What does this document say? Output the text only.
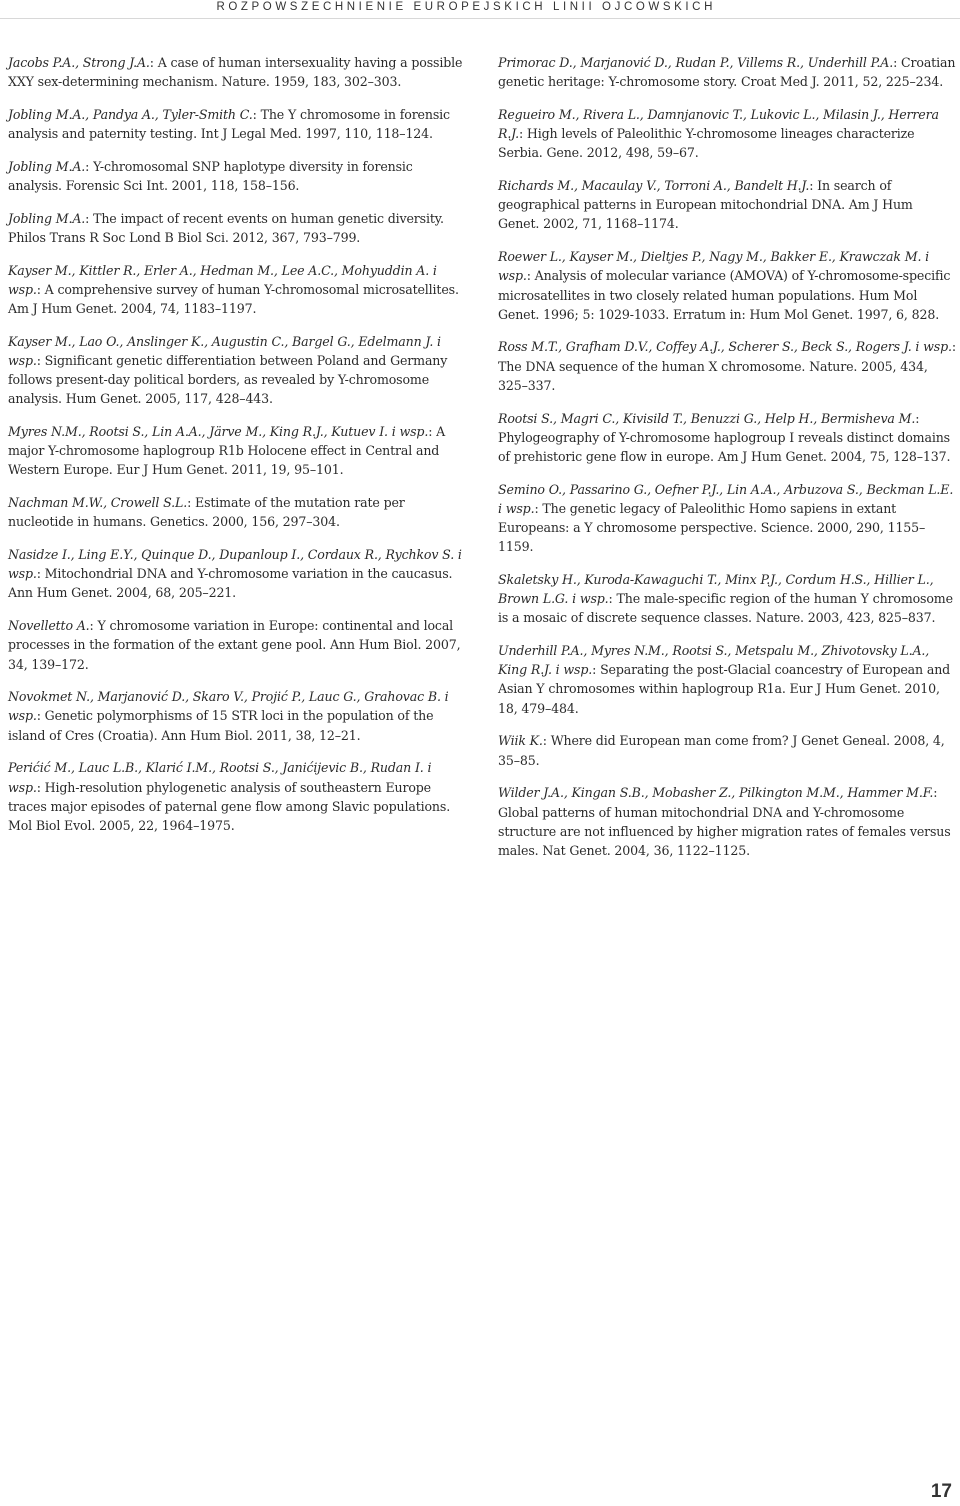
ROZPOWSZECHNIENIE EUROPEJSKICH LINII OJCOWSKICH

Jacobs P.A., Strong J.A.: A case of human intersexuality having a possible XXY sex-determining mechanism. Nature. 1959, 183, 302–303.

Jobling M.A., Pandya A., Tyler-Smith C.: The Y chromosome in forensic analysis and paternity testing. Int J Legal Med. 1997, 110, 118–124.

Jobling M.A.: Y-chromosomal SNP haplotype diversity in forensic analysis. Forensic Sci Int. 2001, 118, 158–156.

Jobling M.A.: The impact of recent events on human genetic diversity. Philos Trans R Soc Lond B Biol Sci. 2012, 367, 793–799.

Kayser M., Kittler R., Erler A., Hedman M., Lee A.C., Mohyuddin A. i wsp.: A comprehensive survey of human Y-chromosomal microsatellites. Am J Hum Genet. 2004, 74, 1183–1197.

Kayser M., Lao O., Anslinger K., Augustin C., Bargel G., Edelmann J. i wsp.: Significant genetic differentiation between Poland and Germany follows present-day political borders, as revealed by Y-chromosome analysis. Hum Genet. 2005, 117, 428–443.

Myres N.M., Rootsi S., Lin A.A., Järve M., King R.J., Kutuev I. i wsp.: A major Y-chromosome haplogroup R1b Holocene effect in Central and Western Europe. Eur J Hum Genet. 2011, 19, 95–101.

Nachman M.W., Crowell S.L.: Estimate of the mutation rate per nucleotide in humans. Genetics. 2000, 156, 297–304.

Nasidze I., Ling E.Y., Quinque D., Dupanloup I., Cordaux R., Rychkov S. i wsp.: Mitochondrial DNA and Y-chromosome variation in the caucasus. Ann Hum Genet. 2004, 68, 205–221.

Novelletto A.: Y chromosome variation in Europe: continental and local processes in the formation of the extant gene pool. Ann Hum Biol. 2007, 34, 139–172.

Novokmet N., Marjanović D., Skaro V., Projić P., Lauc G., Grahovac B. i wsp.: Genetic polymorphisms of 15 STR loci in the population of the island of Cres (Croatia). Ann Hum Biol. 2011, 38, 12–21.

Perićić M., Lauc L.B., Klarić I.M., Rootsi S., Janićijevic B., Rudan I. i wsp.: High-resolution phylogenetic analysis of southeastern Europe traces major episodes of paternal gene flow among Slavic populations. Mol Biol Evol. 2005, 22, 1964–1975.

Primorac D., Marjanović D., Rudan P., Villems R., Underhill P.A.: Croatian genetic heritage: Y-chromosome story. Croat Med J. 2011, 52, 225–234.

Regueiro M., Rivera L., Damnjanovic T., Lukovic L., Milasin J., Herrera R.J.: High levels of Paleolithic Y-chromosome lineages characterize Serbia. Gene. 2012, 498, 59–67.

Richards M., Macaulay V., Torroni A., Bandelt H.J.: In search of geographical patterns in European mitochondrial DNA. Am J Hum Genet. 2002, 71, 1168–1174.

Roewer L., Kayser M., Dieltjes P., Nagy M., Bakker E., Krawczak M. i wsp.: Analysis of molecular variance (AMOVA) of Y-chromosome-specific microsatellites in two closely related human populations. Hum Mol Genet. 1996; 5: 1029-1033. Erratum in: Hum Mol Genet. 1997, 6, 828.

Ross M.T., Grafham D.V., Coffey A.J., Scherer S., Beck S., Rogers J. i wsp.: The DNA sequence of the human X chromosome. Nature. 2005, 434, 325–337.

Rootsi S., Magri C., Kivisild T., Benuzzi G., Help H., Bermisheva M.: Phylogeography of Y-chromosome haplogroup I reveals distinct domains of prehistoric gene flow in europe. Am J Hum Genet. 2004, 75, 128–137.

Semino O., Passarino G., Oefner P.J., Lin A.A., Arbuzova S., Beckman L.E. i wsp.: The genetic legacy of Paleolithic Homo sapiens in extant Europeans: a Y chromosome perspective. Science. 2000, 290, 1155–1159.

Skaletsky H., Kuroda-Kawaguchi T., Minx P.J., Cordum H.S., Hillier L., Brown L.G. i wsp.: The male-specific region of the human Y chromosome is a mosaic of discrete sequence classes. Nature. 2003, 423, 825–837.

Underhill P.A., Myres N.M., Rootsi S., Metspalu M., Zhivotovsky L.A., King R.J. i wsp.: Separating the post-Glacial coancestry of European and Asian Y chromosomes within haplogroup R1a. Eur J Hum Genet. 2010, 18, 479–484.

Wiik K.: Where did European man come from? J Genet Geneal. 2008, 4, 35–85.

Wilder J.A., Kingan S.B., Mobasher Z., Pilkington M.M., Hammer M.F.: Global patterns of human mitochondrial DNA and Y-chromosome structure are not influenced by higher migration rates of females versus males. Nat Genet. 2004, 36, 1122–1125.

17
